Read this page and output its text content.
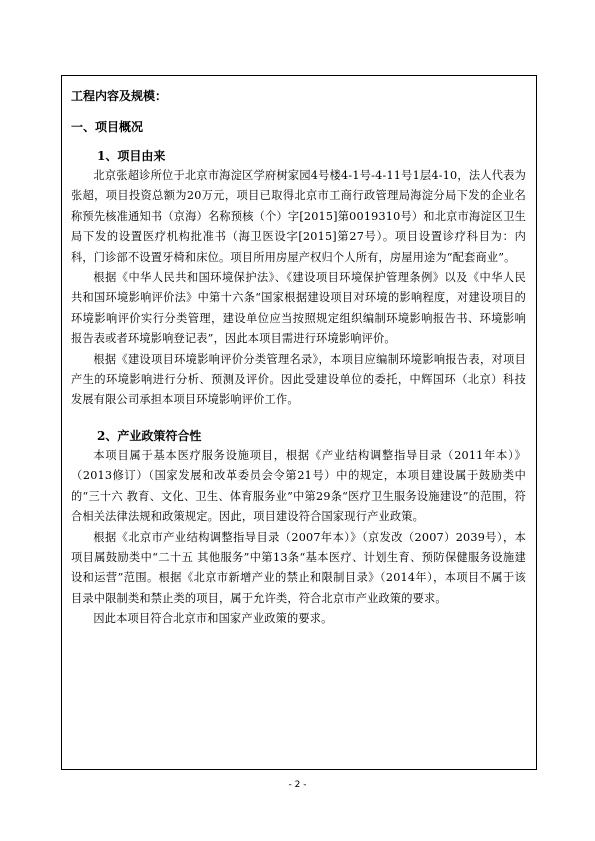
工程内容及规模：

一、项目概况

1、项目由来

北京张超诊所位于北京市海淀区学府树家园4号楼4-1号-4-11号1层4-10，法人代表为张超，项目投资总额为20万元，项目已取得北京市工商行政管理局海淀分局下发的企业名称预先核准通知书（京海）名称预核（个）字[2015]第0019310号）和北京市海淀区卫生局下发的设置医疗机构批准书（海卫医设字[2015]第27号）。项目设置诊疗科目为：内科，门诊部不设置牙椅和床位。项目所用房屋产权归个人所有，房屋用途为“配套商业”。

根据《中华人民共和国环境保护法》、《建设项目环境保护管理条例》以及《中华人民共和国环境影响评价法》中第十六条“国家根据建设项目对环境的影响程度，对建设项目的环境影响评价实行分类管理，建设单位应当按照规定组织编制环境影响报告书、环境影响报告表或者环境影响登记表”，因此本项目需进行环境影响评价。

根据《建设项目环境影响评价分类管理名录》，本项目应编制环境影响报告表，对项目产生的环境影响进行分析、预测及评价。因此受建设单位的委托，中辉国环（北京）科技发展有限公司承担本项目环境影响评价工作。

2、产业政策符合性

本项目属于基本医疗服务设施项目，根据《产业结构调整指导目录（2011年本）》（2013修订）（国家发展和改革委员会令第21号）中的规定，本项目建设属于鼓励类中的“三十六 教育、文化、卫生、体育服务业”中第29条“医疗卫生服务设施建设”的范围，符合相关法律法规和政策规定。因此，项目建设符合国家现行产业政策。

根据《北京市产业结构调整指导目录（2007年本）》（京发改（2007）2039号），本项目属鼓励类中“二十五 其他服务”中第13条“基本医疗、计划生育、预防保健服务设施建设和运营”范围。根据《北京市新增产业的禁止和限制目录》（2014年），本项目不属于该目录中限制类和禁止类的项目，属于允许类，符合北京市产业政策的要求。

因此本项目符合北京市和国家产业政策的要求。

- 2 -
